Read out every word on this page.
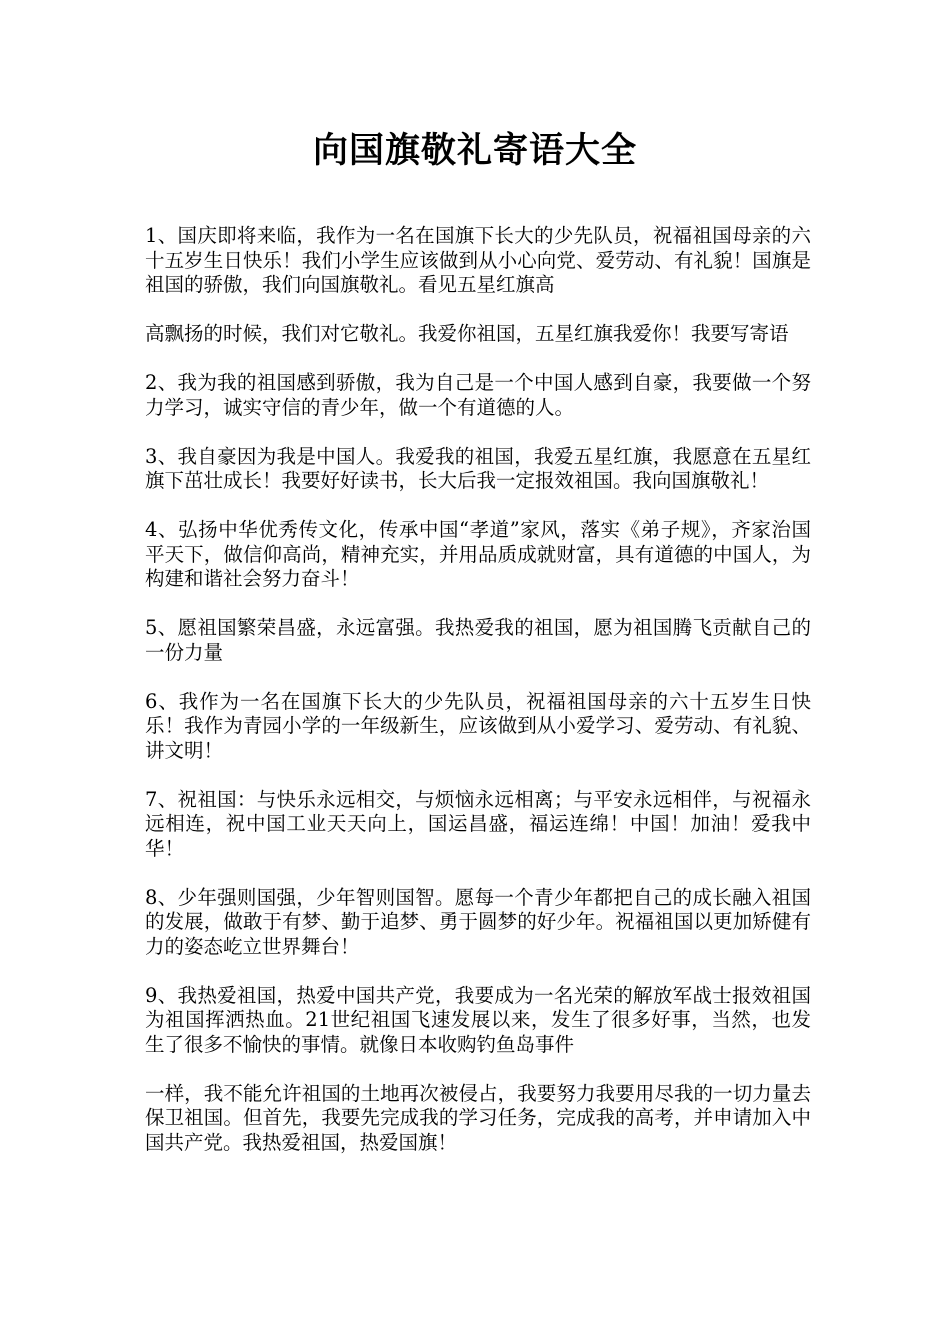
向国旗敬礼寄语大全

1、国庆即将来临，我作为一名在国旗下长大的少先队员，祝福祖国母亲的六十五岁生日快乐！我们小学生应该做到从小心向党、爱劳动、有礼貌！国旗是祖国的骄傲，我们向国旗敬礼。看见五星红旗高

高飘扬的时候，我们对它敬礼。我爱你祖国，五星红旗我爱你！我要写寄语

2、我为我的祖国感到骄傲，我为自己是一个中国人感到自豪，我要做一个努力学习，诚实守信的青少年，做一个有道德的人。

3、我自豪因为我是中国人。我爱我的祖国，我爱五星红旗，我愿意在五星红旗下茁壮成长！我要好好读书，长大后我一定报效祖国。我向国旗敬礼！

4、弘扬中华优秀传文化，传承中国“孝道”家风，落实《弟子规》，齐家治国平天下，做信仰高尚，精神充实，并用品质成就财富，具有道德的中国人，为构建和谐社会努力奋斗！

5、愿祖国繁荣昌盛，永远富强。我热爱我的祖国，愿为祖国腾飞贡献自己的一份力量

6、我作为一名在国旗下长大的少先队员，祝福祖国母亲的六十五岁生日快乐！我作为青园小学的一年级新生，应该做到从小爱学习、爱劳动、有礼貌、讲文明！

7、祝祖国：与快乐永远相交，与烦恼永远相离；与平安永远相伴，与祝福永远相连，祝中国工业天天向上，国运昌盛，福运连绵！中国！加油！爱我中华！

8、少年强则国强，少年智则国智。愿每一个青少年都把自己的成长融入祖国的发展，做敢于有梦、勤于追梦、勇于圆梦的好少年。祝福祖国以更加矫健有力的姿态屹立世界舞台！

9、我热爱祖国，热爱中国共产党，我要成为一名光荣的解放军战士报效祖国为祖国挥洒热血。21世纪祖国飞速发展以来，发生了很多好事，当然，也发生了很多不愉快的事情。就像日本收购钓鱼岛事件

一样，我不能允许祖国的土地再次被侵占，我要努力我要用尽我的一切力量去保卫祖国。但首先，我要先完成我的学习任务，完成我的高考，并申请加入中国共产党。我热爱祖国，热爱国旗！
